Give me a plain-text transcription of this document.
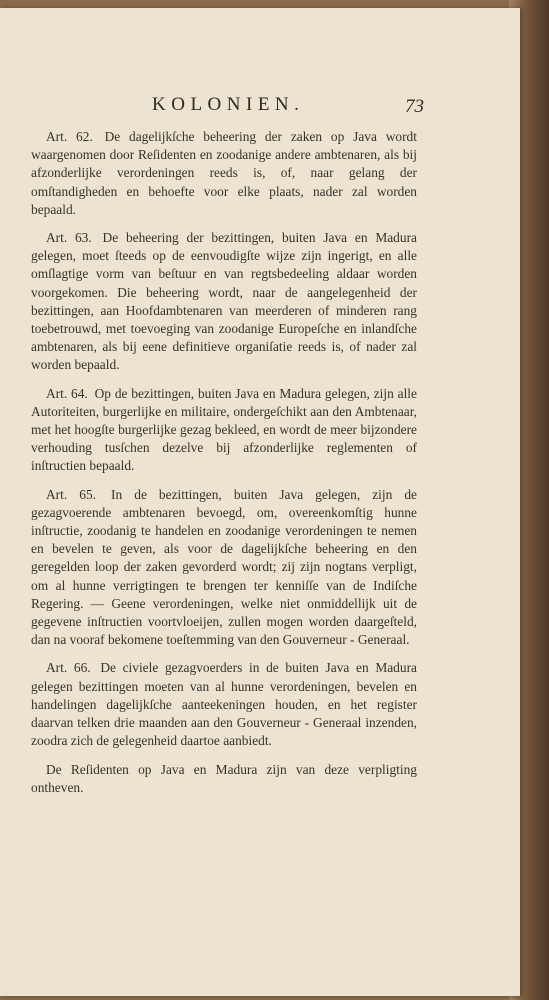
KOLONIEN.	73

Art. 62. De dagelijkſche beheering der zaken op Java wordt waargenomen door Reſidenten en zoodanige andere ambtenaren, als bij afzonderlijke verordeningen reeds is, of, naar gelang der omſtandigheden en behoefte voor elke plaats, nader zal worden bepaald.

Art. 63. De beheering der bezittingen, buiten Java en Madura gelegen, moet ſteeds op de eenvoudigſte wijze zijn ingerigt, en alle omſlagtige vorm van beſtuur en van regtsbedeeling aldaar worden voorgekomen. Die beheering wordt, naar de aangelegenheid der bezittingen, aan Hoofdambtenaren van meerderen of minderen rang toebetrouwd, met toevoeging van zoodanige Europeſche en inlandſche ambtenaren, als bij eene definitieve organiſatie reeds is, of nader zal worden bepaald.

Art. 64. Op de bezittingen, buiten Java en Madura gelegen, zijn alle Autoriteiten, burgerlijke en militaire, ondergeſchikt aan den Ambtenaar, met het hoogſte burgerlijke gezag bekleed, en wordt de meer bijzondere verhouding tusſchen dezelve bij afzonderlijke reglementen of inſtructien bepaald.

Art. 65. In de bezittingen, buiten Java gelegen, zijn de gezagvoerende ambtenaren bevoegd, om, overeenkomſtig hunne inſtructie, zoodanig te handelen en zoodanige verordeningen te nemen en bevelen te geven, als voor de dagelijkſche beheering en den geregelden loop der zaken gevorderd wordt; zij zijn nogtans verpligt, om al hunne verrigtingen te brengen ter kenniſſe van de Indiſche Regering. — Geene verordeningen, welke niet onmiddellijk uit de gegevene inſtructien voortvloeijen, zullen mogen worden daargeſteld, dan na vooraf bekomene toeſtemming van den Gouverneur - Generaal.

Art. 66. De civiele gezagvoerders in de buiten Java en Madura gelegen bezittingen moeten van al hunne verordeningen, bevelen en handelingen dagelijkſche aanteekeningen houden, en het register daarvan telken drie maanden aan den Gouverneur - Generaal inzenden, zoodra zich de gelegenheid daartoe aanbiedt.

De Reſidenten op Java en Madura zijn van deze verpligting ontheven.
